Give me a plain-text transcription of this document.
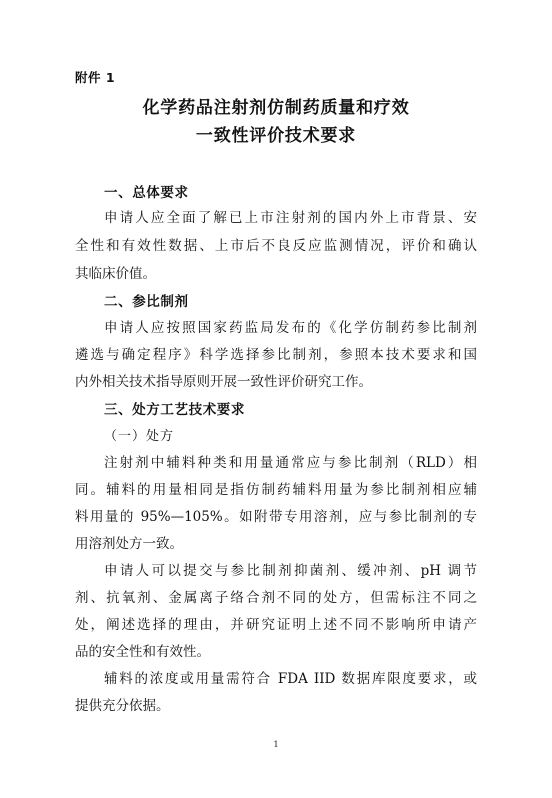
附件 1
化学药品注射剂仿制药质量和疗效
一致性评价技术要求
一、总体要求
申请人应全面了解已上市注射剂的国内外上市背景、安
全性和有效性数据、上市后不良反应监测情况，评价和确认
其临床价值。
二、参比制剂
申请人应按照国家药监局发布的《化学仿制药参比制剂
遴选与确定程序》科学选择参比制剂，参照本技术要求和国
内外相关技术指导原则开展一致性评价研究工作。
三、处方工艺技术要求
（一）处方
注射剂中辅料种类和用量通常应与参比制剂（RLD）相
同。辅料的用量相同是指仿制药辅料用量为参比制剂相应辅
料用量的 95%—105%。如附带专用溶剂，应与参比制剂的专
用溶剂处方一致。
申请人可以提交与参比制剂抑菌剂、缓冲剂、pH 调节
剂、抗氧剂、金属离子络合剂不同的处方，但需标注不同之
处，阐述选择的理由，并研究证明上述不同不影响所申请产
品的安全性和有效性。
辅料的浓度或用量需符合 FDA IID 数据库限度要求，或
提供充分依据。
1
